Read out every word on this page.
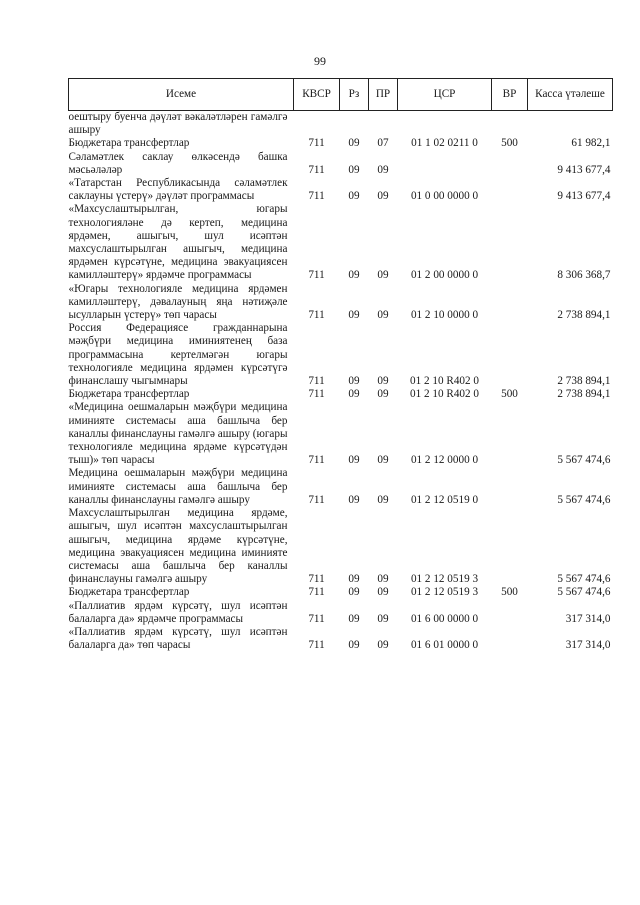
99
Исеме	КВСР	Рз	ПР	ЦСР	ВР	Касса үтәлеше
оештыру буенча дәүләт вәкаләтләрен гамәлгә ашыру						
Бюджетара трансфертлар	711	09	07	01 1 02 0211 0	500	61 982,1
Сәламәтлек саклау өлкәсендә башка мәсьәләләр	711	09	09			9 413 677,4
«Татарстан Республикасында сәламәтлек саклауны үстерү» дәүләт программасы	711	09	09	01 0 00 0000 0		9 413 677,4
«Махсуслаштырылган, югары технологияләне дә кертеп, медицина ярдәмен, ашыгыч, шул исәптән махсуслаштырылган ашыгыч, медицина ярдәмен күрсәтүне, медицина эвакуациясен камилләштерү» ярдәмче программасы	711	09	09	01 2 00 0000 0		8 306 368,7
«Югары технологияле медицина ярдәмен камилләштерү, дәвалауның яңа нәтиҗәле ысулларын үстерү» төп чарасы	711	09	09	01 2 10 0000 0		2 738 894,1
Россия Федерациясе гражданнарына мәҗбүри медицина иминиятенең база программасына кертелмәгән югары технологияле медицина ярдәмен күрсәтүгә финанслашу чыгымнары	711	09	09	01 2 10 R402 0		2 738 894,1
Бюджетара трансфертлар	711	09	09	01 2 10 R402 0	500	2 738 894,1
«Медицина оешмаларын мәҗбүри медицина иминияте системасы аша башлыча бер каналлы финанслауны гамәлгә ашыру (югары технологияле медицина ярдәме күрсәтүдән тыш)» төп чарасы	711	09	09	01 2 12 0000 0		5 567 474,6
Медицина оешмаларын мәҗбүри медицина иминияте системасы аша башлыча бер каналлы финанслауны гамәлгә ашыру	711	09	09	01 2 12 0519 0		5 567 474,6
Махсуслаштырылган медицина ярдәме, ашыгыч, шул исәптән махсуслаштырылган ашыгыч, медицина ярдәме күрсәтүне, медицина эвакуациясен медицина иминияте системасы аша башлыча бер каналлы финанслауны гамәлгә ашыру	711	09	09	01 2 12 0519 3		5 567 474,6
Бюджетара трансфертлар	711	09	09	01 2 12 0519 3	500	5 567 474,6
«Паллиатив ярдәм күрсәтү, шул исәптән балаларга да» ярдәмче программасы	711	09	09	01 6 00 0000 0		317 314,0
«Паллиатив ярдәм күрсәтү, шул исәптән балаларга да» төп чарасы	711	09	09	01 6 01 0000 0		317 314,0
